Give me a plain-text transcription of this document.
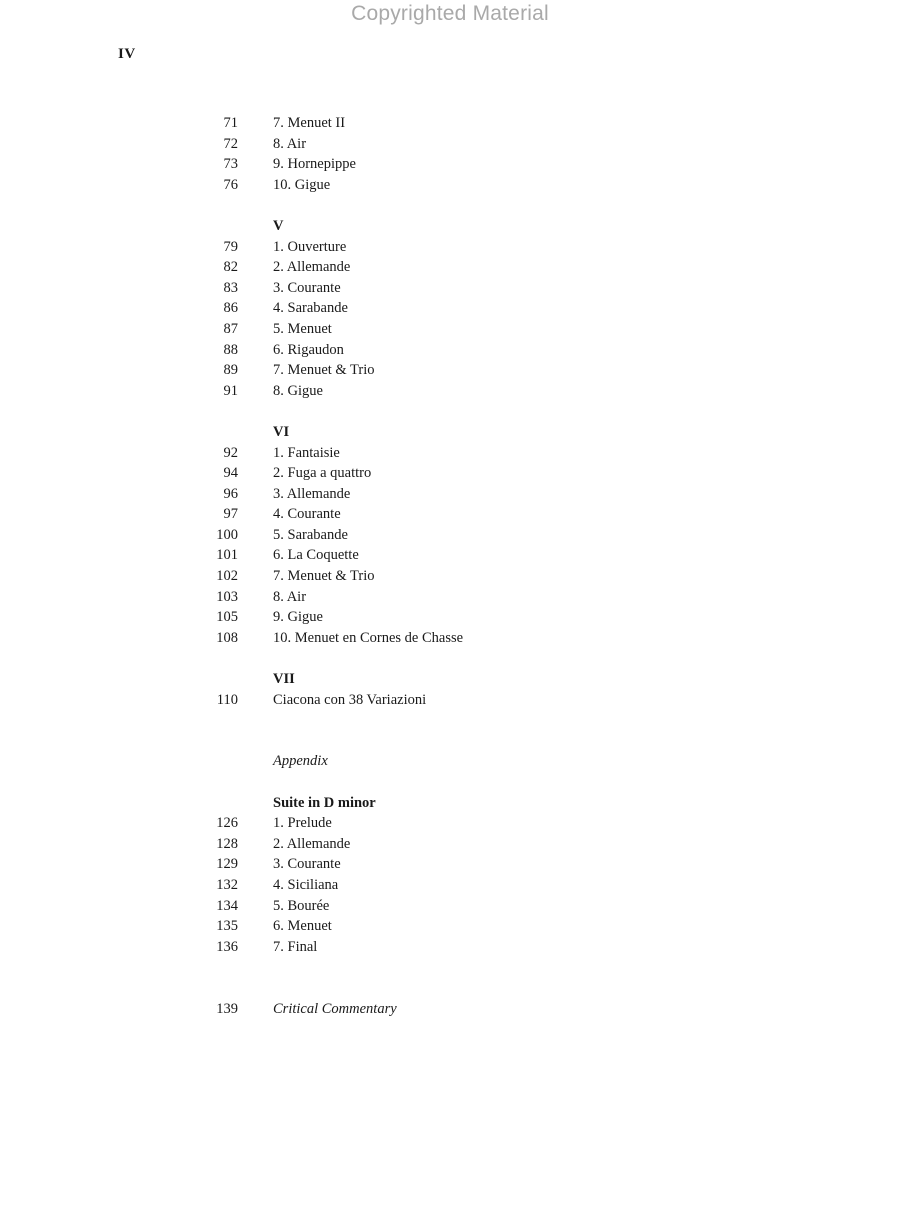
Copyrighted Material
IV
71 7. Menuet II
72 8. Air
73 9. Hornepippe
76 10. Gigue
V
79 1. Ouverture
82 2. Allemande
83 3. Courante
86 4. Sarabande
87 5. Menuet
88 6. Rigaudon
89 7. Menuet & Trio
91 8. Gigue
VI
92 1. Fantaisie
94 2. Fuga a quattro
96 3. Allemande
97 4. Courante
100 5. Sarabande
101 6. La Coquette
102 7. Menuet & Trio
103 8. Air
105 9. Gigue
108 10. Menuet en Cornes de Chasse
VII
110 Ciacona con 38 Variazioni
Appendix
Suite in D minor
126 1. Prelude
128 2. Allemande
129 3. Courante
132 4. Siciliana
134 5. Bourée
135 6. Menuet
136 7. Final
139 Critical Commentary
